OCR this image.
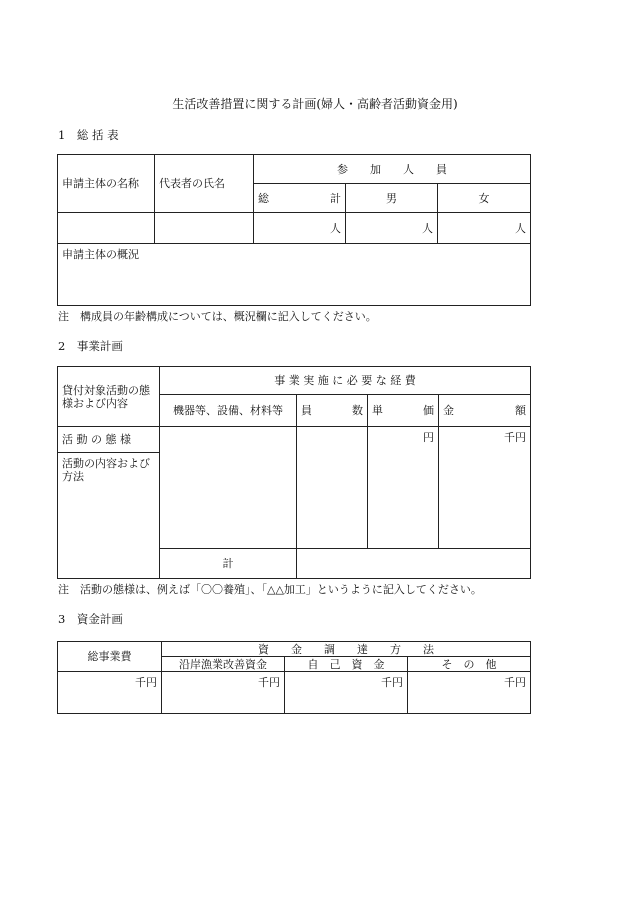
生活改善措置に関する計画(婦人・高齢者活動資金用)
1　総 括 表
申請主体の名称	代表者の氏名	参　　加　　人　　員		

		総 計	男	女
		人	人	人
申請主体の概況				
注　構成員の年齢構成については、概況欄に記入してください。
2　事業計画
貸付対象活動の態様および内容	事 業 実 施 に 必 要 な 経 費			
	機器等、設備、材料等	員 数	単 価	金 額

活 動 の 態 様			円	千円
活動の内容および方法				
	計			
注　活動の態様は、例えば「〇〇養殖」、「△△加工」というように記入してください。
3　資金計画
総事業費	資　　金　　調　　達　　方　　法		
	沿岸漁業改善資金	自　己　資　金	そ　の　他
千円	千円	千円	千円
